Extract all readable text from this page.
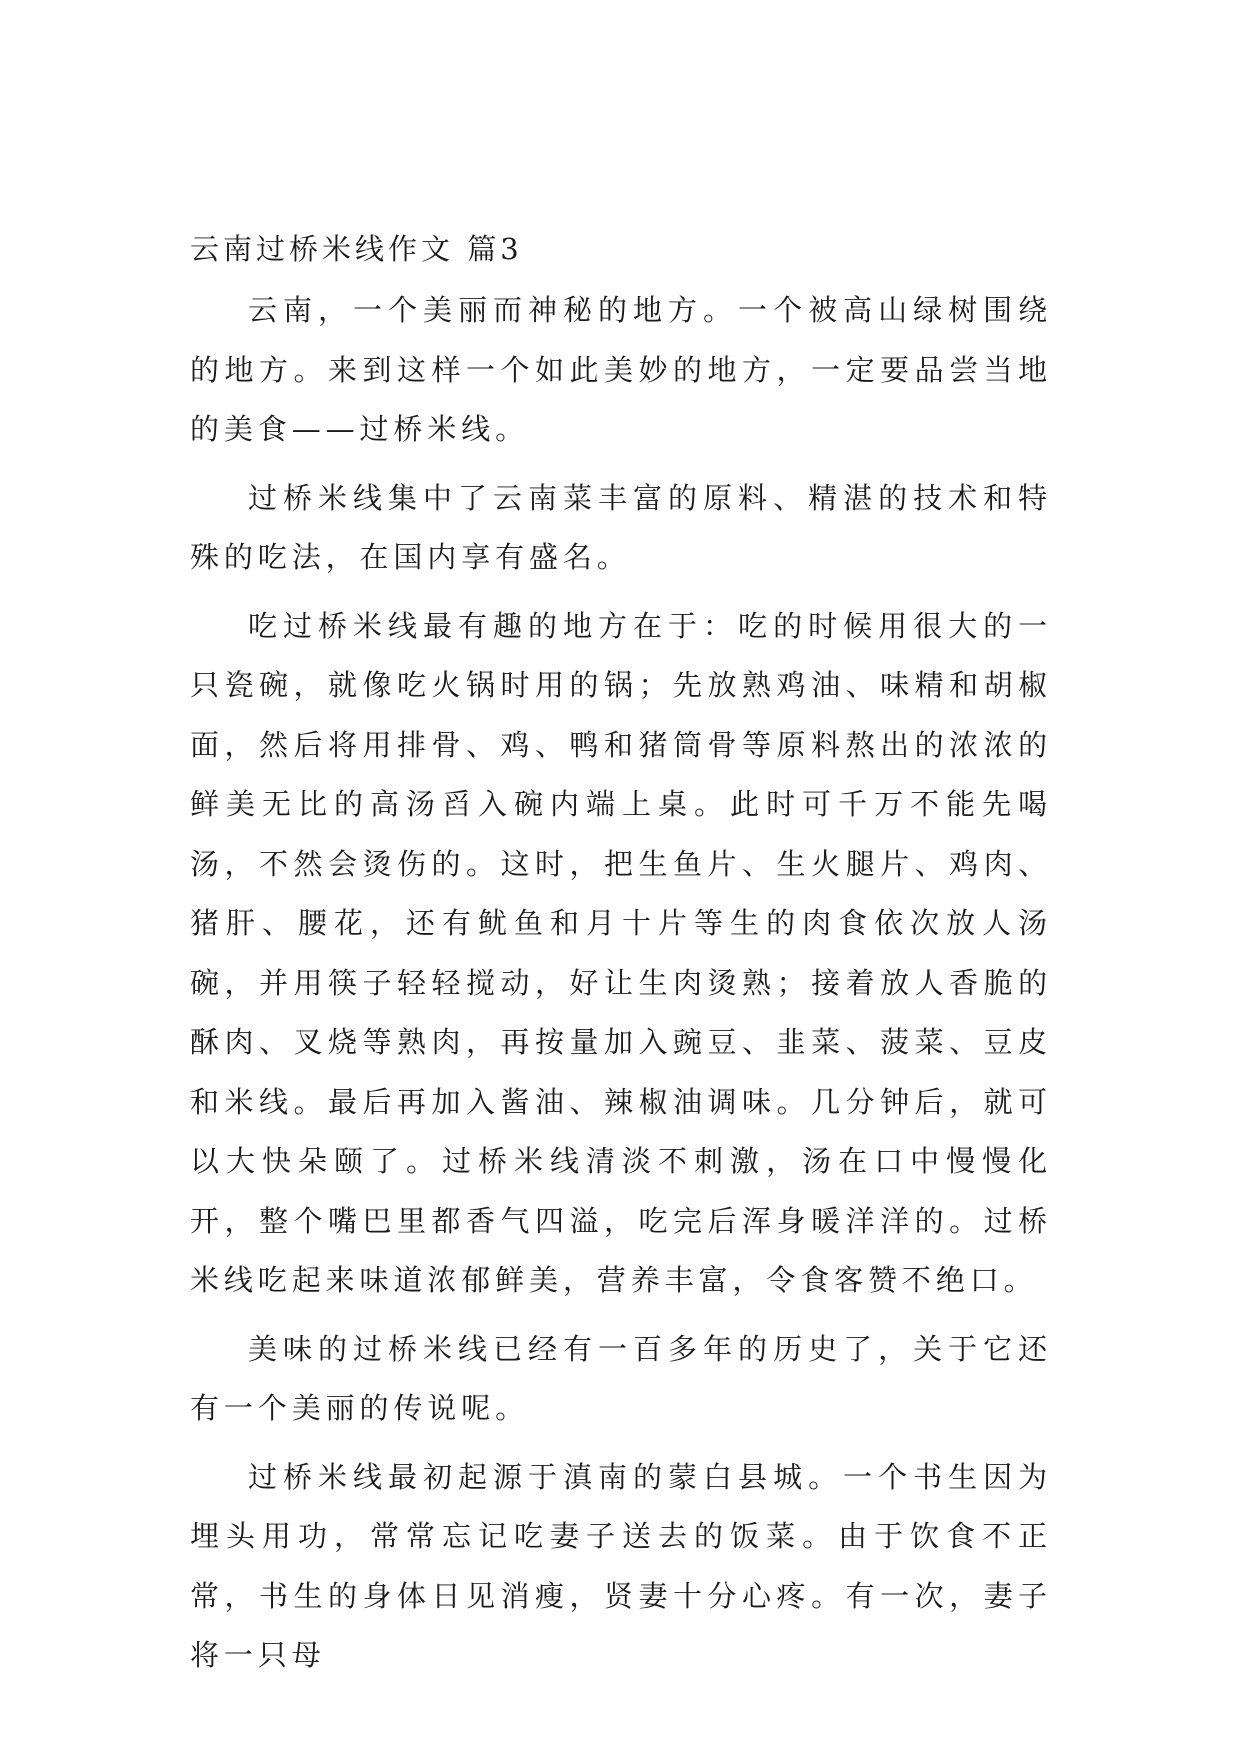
云南过桥米线作文 篇3

云南，一个美丽而神秘的地方。一个被高山绿树围绕的地方。来到这样一个如此美妙的地方，一定要品尝当地的美食——过桥米线。

过桥米线集中了云南菜丰富的原料、精湛的技术和特殊的吃法，在国内享有盛名。

吃过桥米线最有趣的地方在于：吃的时候用很大的一只瓷碗，就像吃火锅时用的锅；先放熟鸡油、味精和胡椒面，然后将用排骨、鸡、鸭和猪筒骨等原料熬出的浓浓的鲜美无比的高汤舀入碗内端上桌。此时可千万不能先喝汤，不然会烫伤的。这时，把生鱼片、生火腿片、鸡肉、猪肝、腰花，还有鱿鱼和月十片等生的肉食依次放人汤碗，并用筷子轻轻搅动，好让生肉烫熟；接着放人香脆的酥肉、叉烧等熟肉，再按量加入豌豆、韭菜、菠菜、豆皮和米线。最后再加入酱油、辣椒油调味。几分钟后，就可以大快朵颐了。过桥米线清淡不刺激，汤在口中慢慢化开，整个嘴巴里都香气四溢，吃完后浑身暖洋洋的。过桥米线吃起来味道浓郁鲜美，营养丰富，令食客赞不绝口。

美味的过桥米线已经有一百多年的历史了，关于它还有一个美丽的传说呢。

过桥米线最初起源于滇南的蒙白县城。一个书生因为埋头用功，常常忘记吃妻子送去的饭菜。由于饮食不正常，书生的身体日见消瘦，贤妻十分心疼。有一次，妻子将一只母
